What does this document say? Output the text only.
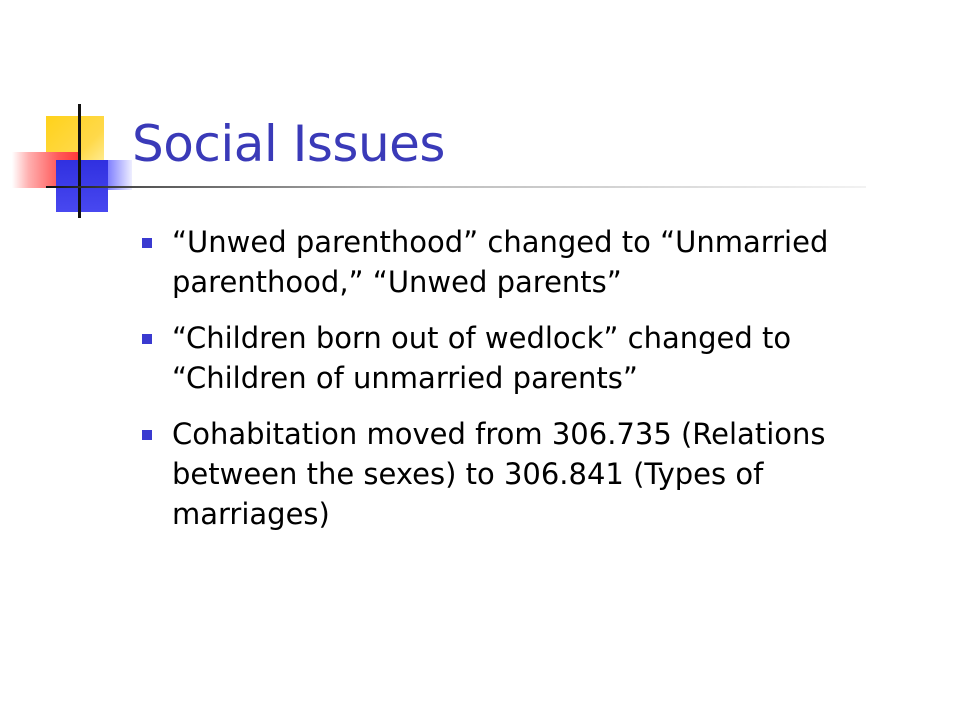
Social Issues
“Unwed parenthood” changed to “Unmarried parenthood,” “Unwed parents”
“Children born out of wedlock” changed to “Children of unmarried parents”
Cohabitation moved from 306.735 (Relations between the sexes) to 306.841 (Types of marriages)
